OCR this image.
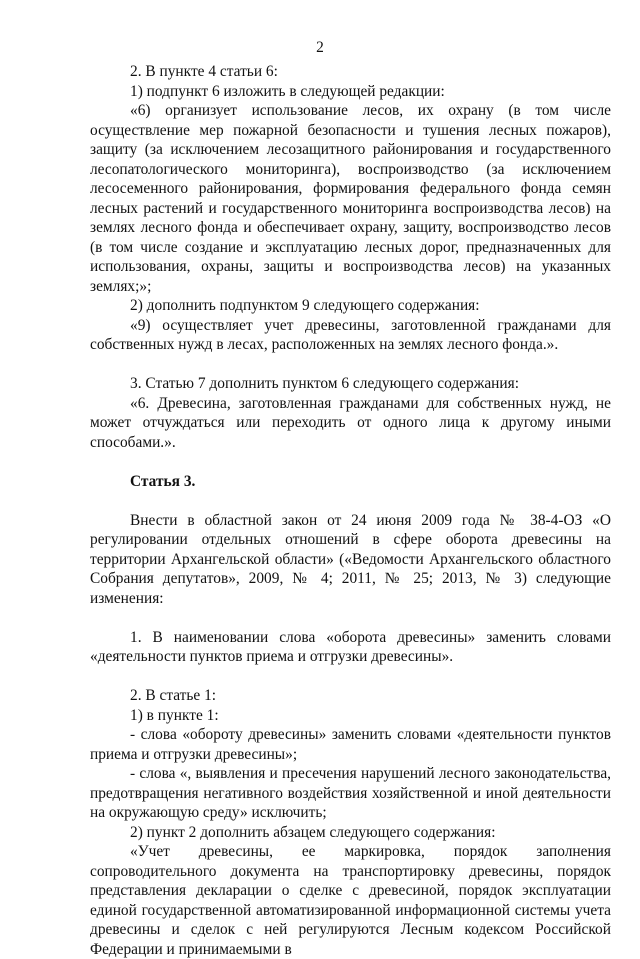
2

2. В пункте 4 статьи 6:

1) подпункт 6 изложить в следующей редакции:

«6) организует использование лесов, их охрану (в том числе осуществление мер пожарной безопасности и тушения лесных пожаров), защиту (за исключением лесозащитного районирования и государственного лесопатологического мониторинга), воспроизводство (за исключением лесосеменного районирования, формирования федерального фонда семян лесных растений и государственного мониторинга воспроизводства лесов) на землях лесного фонда и обеспечивает охрану, защиту, воспроизводство лесов (в том числе создание и эксплуатацию лесных дорог, предназначенных для использования, охраны, защиты и воспроизводства лесов) на указанных землях;»;

2) дополнить подпунктом 9 следующего содержания:

«9) осуществляет учет древесины, заготовленной гражданами для собственных нужд в лесах, расположенных на землях лесного фонда.».

3. Статью 7 дополнить пунктом 6 следующего содержания:

«6. Древесина, заготовленная гражданами для собственных нужд, не может отчуждаться или переходить от одного лица к другому иными способами.».

Статья 3.

Внести в областной закон от 24 июня 2009 года № 38-4-ОЗ «О регулировании отдельных отношений в сфере оборота древесины на территории Архангельской области» («Ведомости Архангельского областного Собрания депутатов», 2009, № 4; 2011, № 25; 2013, № 3) следующие изменения:

1. В наименовании слова «оборота древесины» заменить словами «деятельности пунктов приема и отгрузки древесины».

2. В статье 1:

1) в пункте 1:

- слова «обороту древесины» заменить словами «деятельности пунктов приема и отгрузки древесины»;

- слова «, выявления и пресечения нарушений лесного законодательства, предотвращения негативного воздействия хозяйственной и иной деятельности на окружающую среду» исключить;

2) пункт 2 дополнить абзацем следующего содержания:

«Учет древесины, ее маркировка, порядок заполнения сопроводительного документа на транспортировку древесины, порядок представления декларации о сделке с древесиной, порядок эксплуатации единой государственной автоматизированной информационной системы учета древесины и сделок с ней регулируются Лесным кодексом Российской Федерации и принимаемыми в
